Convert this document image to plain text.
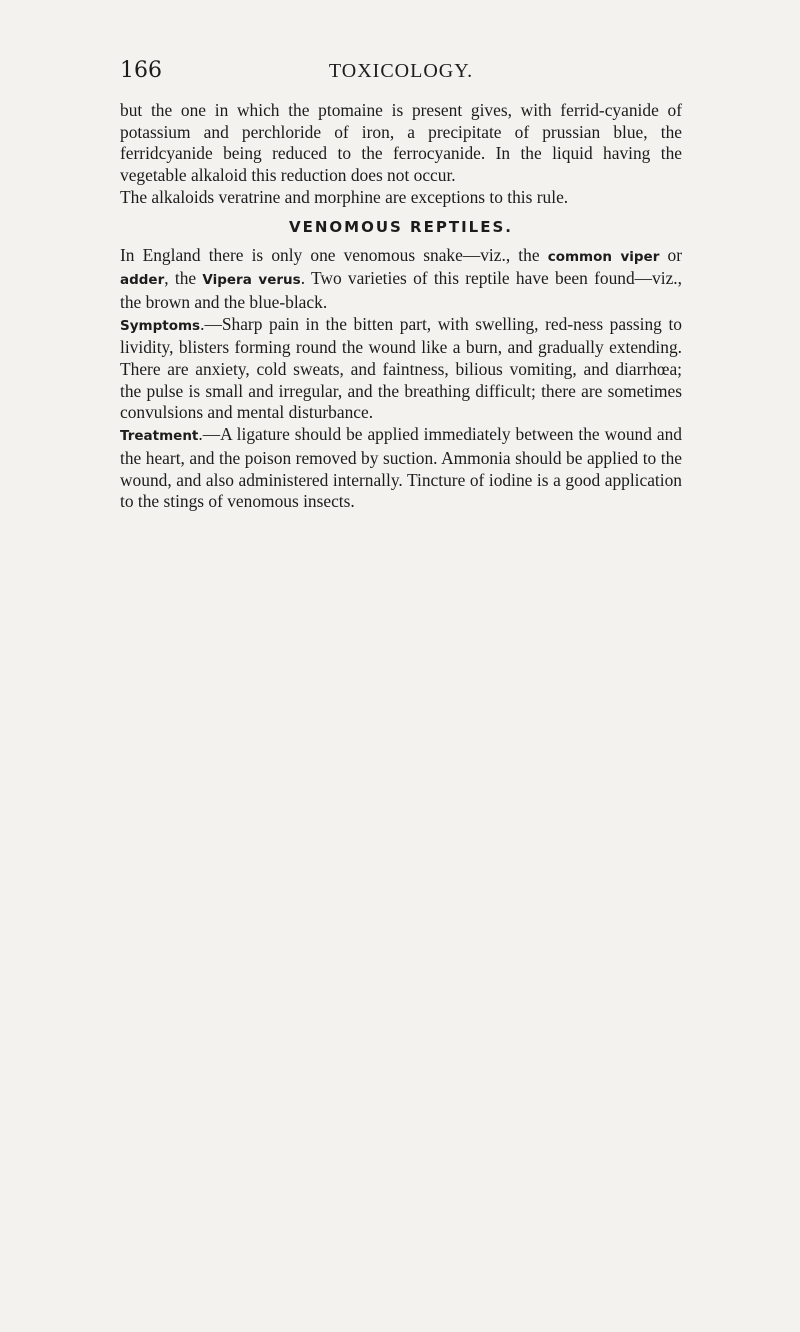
166	TOXICOLOGY.

but the one in which the ptomaine is present gives, with ferrid-cyanide of potassium and perchloride of iron, a precipitate of prussian blue, the ferridcyanide being reduced to the ferrocyanide. In the liquid having the vegetable alkaloid this reduction does not occur.

The alkaloids veratrine and morphine are exceptions to this rule.

VENOMOUS REPTILES.

In England there is only one venomous snake—viz., the common viper or adder, the Vipera verus. Two varieties of this reptile have been found—viz., the brown and the blue-black.

Symptoms.—Sharp pain in the bitten part, with swelling, red-ness passing to lividity, blisters forming round the wound like a burn, and gradually extending. There are anxiety, cold sweats, and faintness, bilious vomiting, and diarrhœa; the pulse is small and irregular, and the breathing difficult; there are sometimes convulsions and mental disturbance.

Treatment.—A ligature should be applied immediately between the wound and the heart, and the poison removed by suction. Ammonia should be applied to the wound, and also administered internally. Tincture of iodine is a good application to the stings of venomous insects.
